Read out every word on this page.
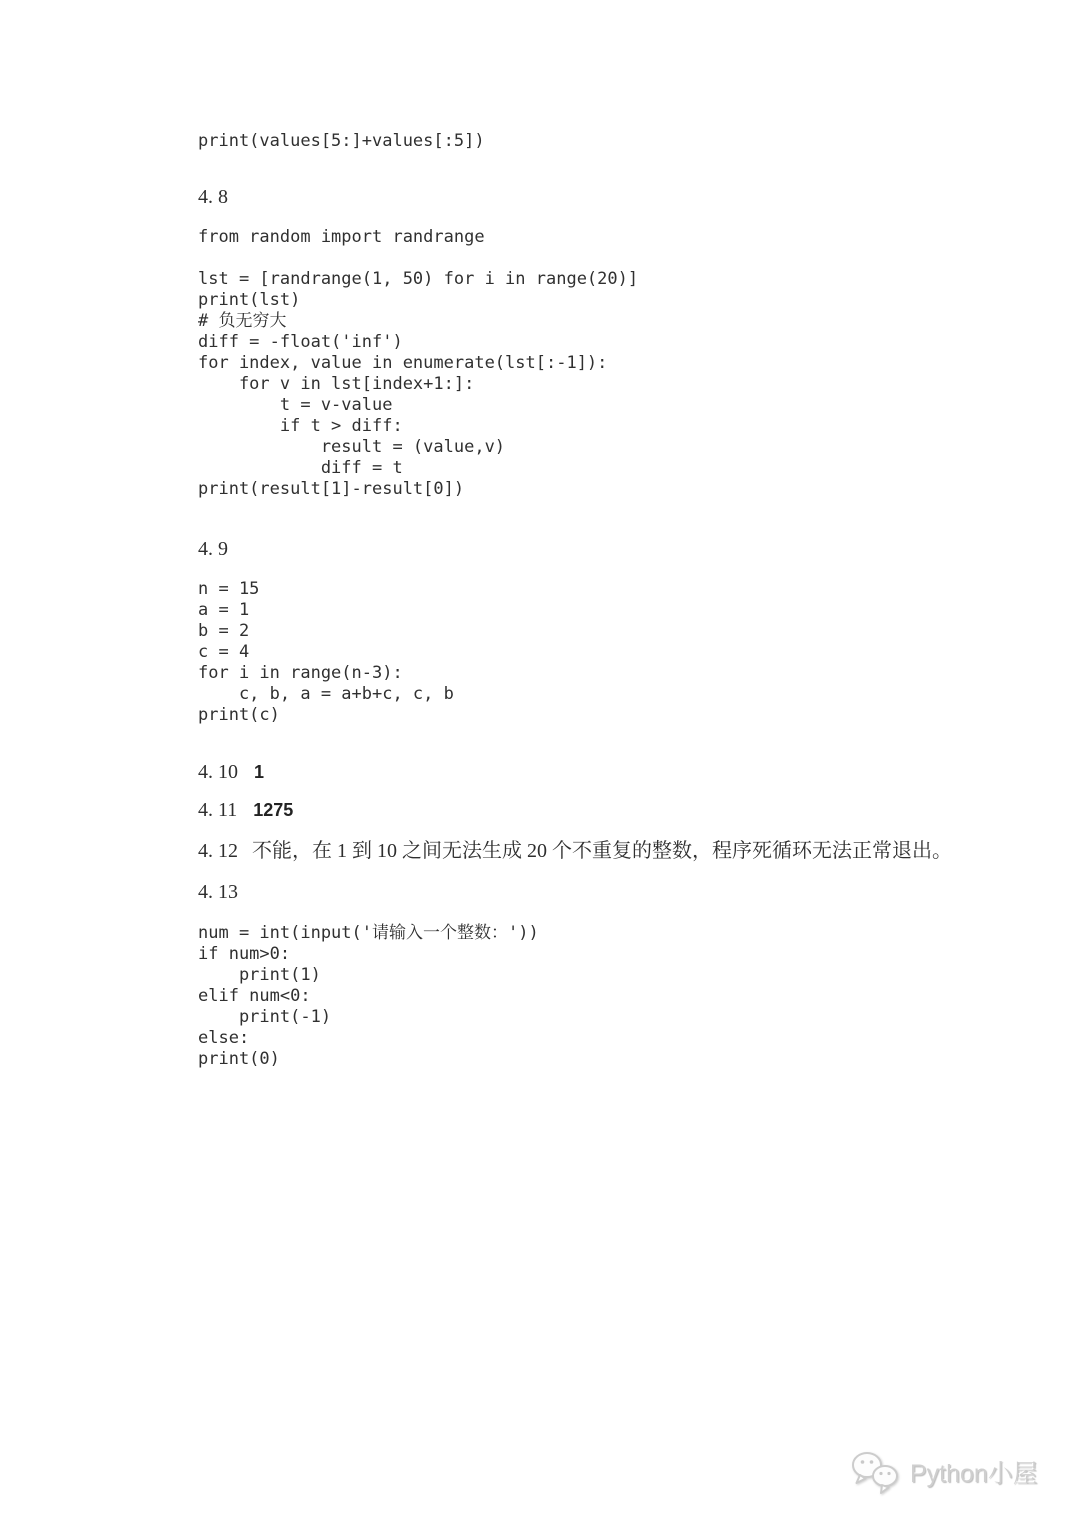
print(values[5:]+values[:5])
4. 8
from random import randrange

lst = [randrange(1, 50) for i in range(20)]
print(lst)
# 负无穷大
diff = -float('inf')
for index, value in enumerate(lst[:-1]):
for v in lst[index+1:]:
t = v-value
if t > diff:
result = (value,v)
diff = t
print(result[1]-result[0])
4. 9
n = 15
a = 1
b = 2
c = 4
for i in range(n-3):
c, b, a = a+b+c, c, b
print(c)
4. 10 1
4. 11 1275
4. 12 不能，在 1 到 10 之间无法生成 20 个不重复的整数，程序死循环无法正常退出。
4. 13
num = int(input('请输入一个整数：'))
if num>0:
print(1)
elif num<0:
print(-1)
else:
print(0)
Python小屋
